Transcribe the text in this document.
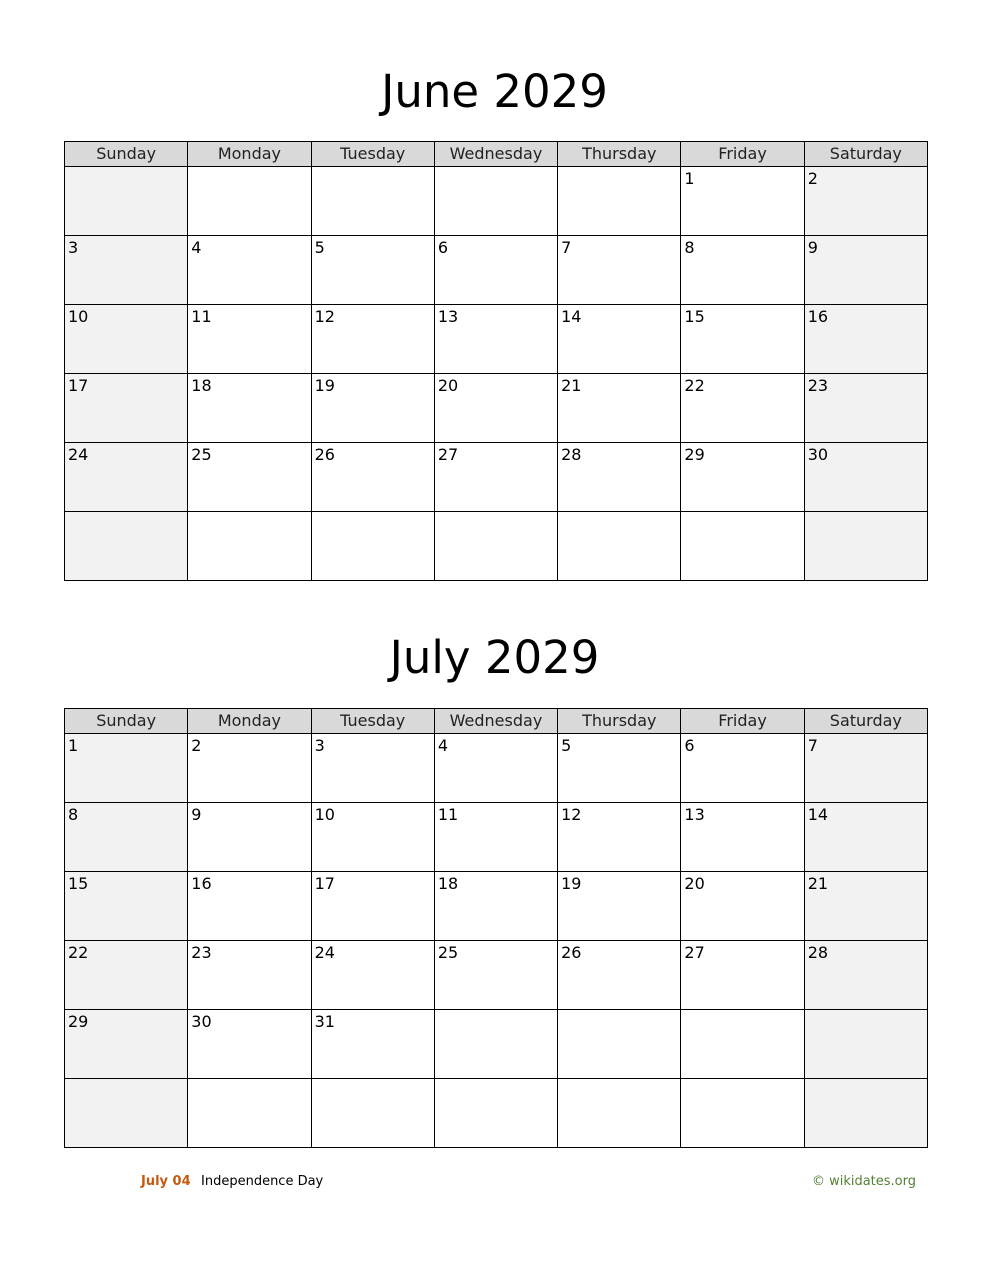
June 2029
Sunday	Monday	Tuesday	Wednesday	Thursday	Friday	Saturday

					1	2

3	4	5	6	7	8	9

10	11	12	13	14	15	16

17	18	19	20	21	22	23

24	25	26	27	28	29	30

July 2029
Sunday	Monday	Tuesday	Wednesday	Thursday	Friday	Saturday

1	2	3	4	5	6	7

8	9	10	11	12	13	14

15	16	17	18	19	20	21

22	23	24	25	26	27	28

29	30	31				

July 04 Independence Day	© wikidates.org
